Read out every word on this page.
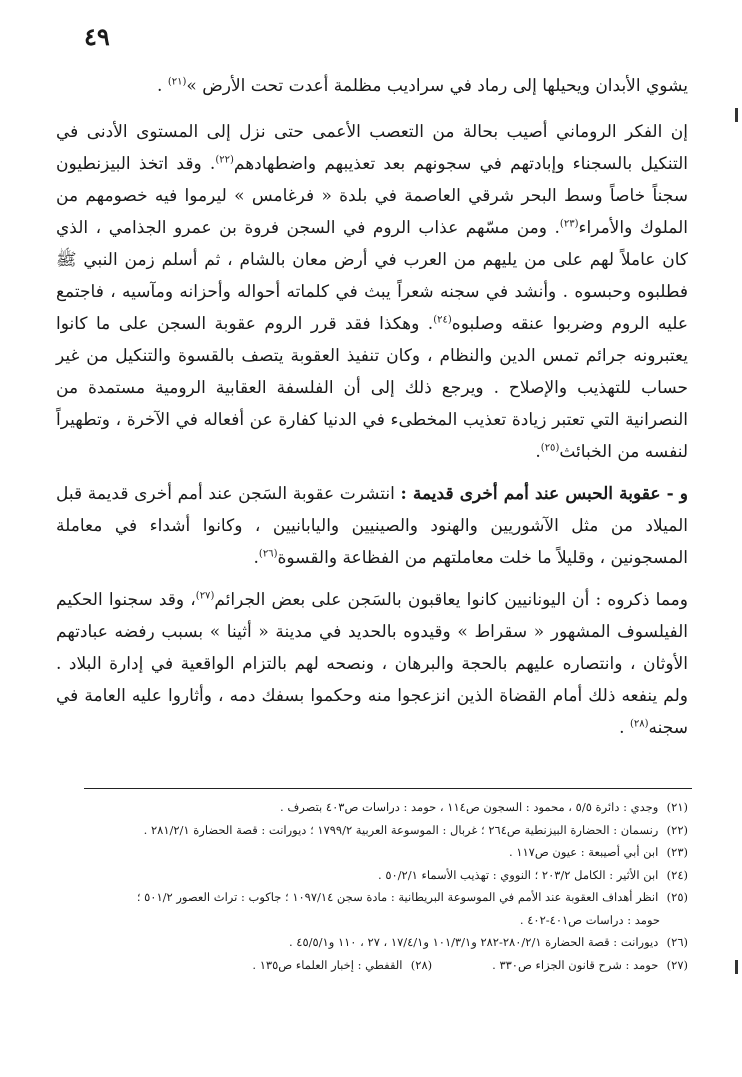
٤٩

يشوي الأبدان ويحيلها إلى رماد في سراديب مظلمة أعدت تحت الأرض »$^{(٢١)}$ .

إن الفكر الروماني أصيب بحالة من التعصب الأعمى حتى نزل إلى المستوى الأدنى في التنكيل بالسجناء وإبادتهم في سجونهم بعد تعذيبهم واضطهادهم$^{(٢٢)}$. وقد اتخذ البيزنطيون سجناً خاصاً وسط البحر شرقي العاصمة في بلدة « فرغامس » ليرموا فيه خصومهم من الملوك والأمراء$^{(٢٣)}$. ومن مسّهم عذاب الروم في السجن فروة بن عمرو الجذامي ، الذي كان عاملاً لهم على من يليهم من العرب في أرض معان بالشام ، ثم أسلم زمن النبي ﷺ فطلبوه وحبسوه . وأنشد في سجنه شعراً يبث في كلماته أحواله وأحزانه ومآسيه ، فاجتمع عليه الروم وضربوا عنقه وصلبوه$^{(٢٤)}$. وهكذا فقد قرر الروم عقوبة السجن على ما كانوا يعتبرونه جرائم تمس الدين والنظام ، وكان تنفيذ العقوبة يتصف بالقسوة والتنكيل من غير حساب للتهذيب والإصلاح . ويرجع ذلك إلى أن الفلسفة العقابية الرومية مستمدة من النصرانية التي تعتبر زيادة تعذيب المخطىء في الدنيا كفارة عن أفعاله في الآخرة ، وتطهيراً لنفسه من الخبائث$^{(٢٥)}$.

و - عقوبة الحبس عند أمم أخرى قديمة : انتشرت عقوبة السَجن عند أمم أخرى قديمة قبل الميلاد من مثل الآشوريين والهنود والصينيين واليابانيين ، وكانوا أشداء في معاملة المسجونين ، وقليلاً ما خلت معاملتهم من الفظاعة والقسوة$^{(٢٦)}$.

ومما ذكروه : أن اليونانيين كانوا يعاقبون بالسَجن على بعض الجرائم$^{(٢٧)}$، وقد سجنوا الحكيم الفيلسوف المشهور « سقراط » وقيدوه بالحديد في مدينة « أثينا » بسبب رفضه عبادتهم الأوثان ، وانتصاره عليهم بالحجة والبرهان ، ونصحه لهم بالتزام الواقعية في إدارة البلاد . ولم ينفعه ذلك أمام القضاة الذين انزعجوا منه وحكموا بسفك دمه ، وأثاروا عليه العامة في سجنه$^{(٢٨)}$ .

(٢١) وجدي : دائرة ٥/٥ ، محمود : السجون ص١١٤ ، حومد : دراسات ص٤٠٣ بتصرف .
(٢٢) رنسمان : الحضارة البيزنطية ص٢٦٤ ؛ غربال : الموسوعة العربية ١٧٩٩/٢ ؛ ديورانت : قصة الحضارة ٢٨١/٢/١ .
(٢٣) ابن أبي أصيبعة : عيون ص١١٧ .
(٢٤) ابن الأثير : الكامل ٢٠٣/٢ ؛ النووي : تهذيب الأسماء ٥٠/٢/١ .
(٢٥) انظر أهداف العقوبة عند الأمم في الموسوعة البريطانية : مادة سجن ١٠٩٧/١٤ ؛ جاكوب : تراث العصور ٥٠١/٢ ؛
حومد : دراسات ص٤٠١-٤٠٢ .
(٢٦) ديورانت : قصة الحضارة ٢٨٠/٢/١-٢٨٢ و١٠١/٣/١ و١٧/٤/١ ، ٢٧ ، ١١٠ و٤٥/٥/١ .
(٢٧) حومد : شرح قانون الجزاء ص٣٣٠ .
(٢٨) القفطي : إخبار العلماء ص١٣٥ .
